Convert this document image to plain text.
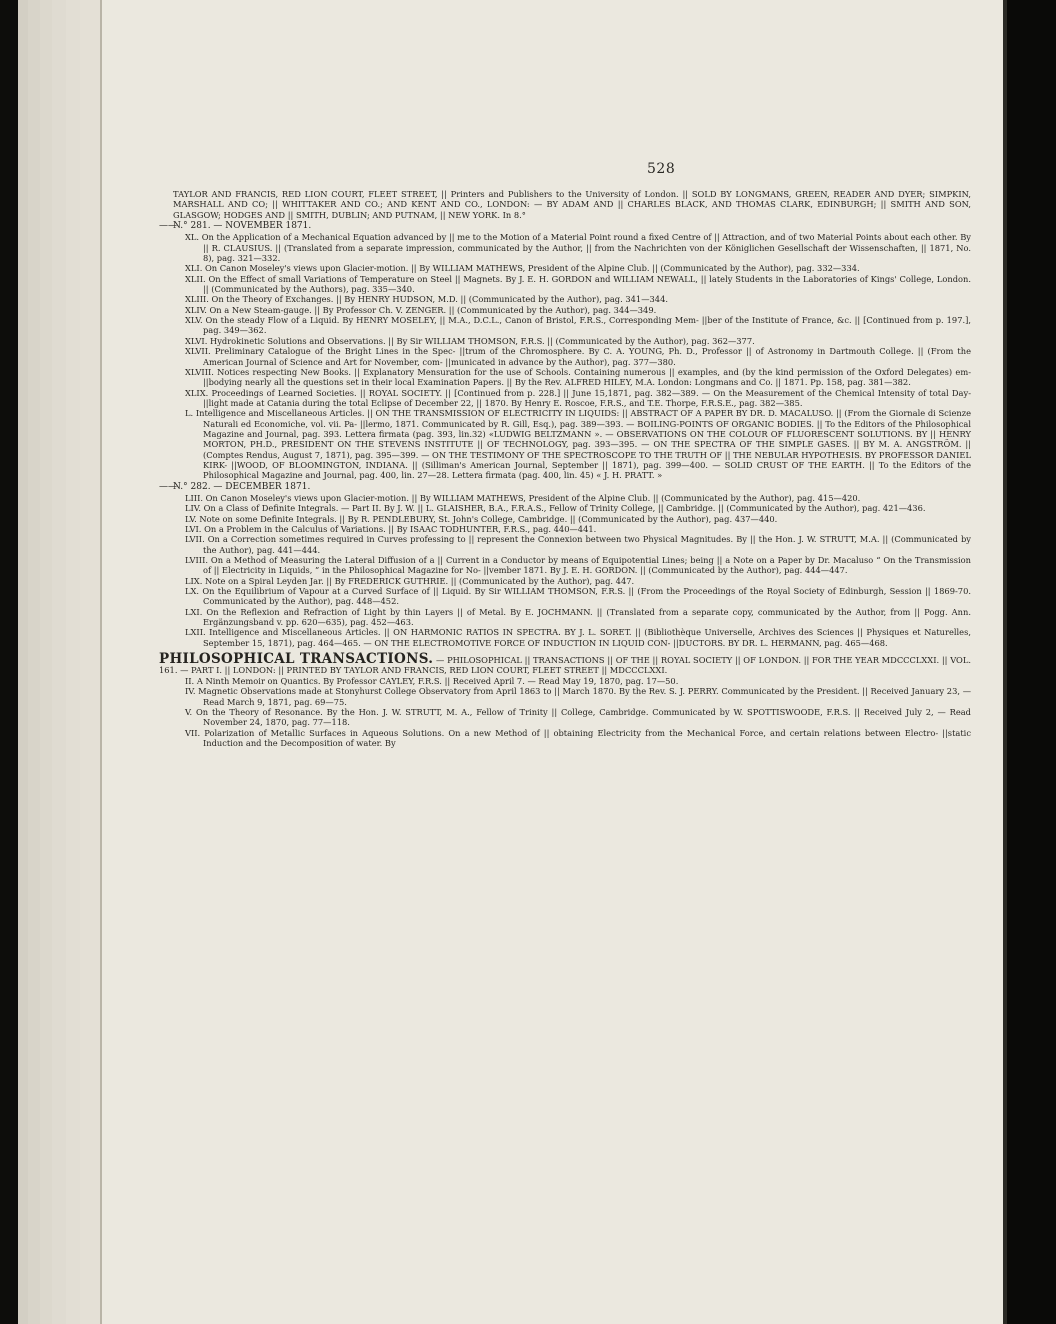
528

TAYLOR AND FRANCIS, RED LION COURT, FLEET STREET, || Printers and Publishers to the University of London. || SOLD BY LONGMANS, GREEN, READER AND DYER; SIMPKIN, MARSHALL AND CO; || WHITTAKER AND CO.; AND KENT AND CO., LONDON: — BY ADAM AND || CHARLES BLACK, AND THOMAS CLARK, EDINBURGH; || SMITH AND SON, GLASGOW; HODGES AND || SMITH, DUBLIN; AND PUTNAM, || NEW YORK. In 8.°

——N.° 281. — NOVEMBER 1871.

XL. On the Application of a Mechanical Equation advanced by || me to the Motion of a Material Point round a fixed Centre of || Attraction, and of two Material Points about each other. By || R. CLAUSIUS. || (Translated from a separate impression, communicated by the Author, || from the Nachrichten von der Königlichen Gesellschaft der Wissenschaften, || 1871, No. 8), pag. 321—332.

XLI. On Canon Moseley's views upon Glacier-motion. || By WILLIAM MATHEWS, President of the Alpine Club. || (Communicated by the Author), pag. 332—334.

XLII. On the Effect of small Variations of Temperature on Steel || Magnets. By J. E. H. GORDON and WILLIAM NEWALL, || lately Students in the Laboratories of Kings' College, London. || (Communicated by the Authors), pag. 335—340.

XLIII. On the Theory of Exchanges. || By HENRY HUDSON, M.D. || (Communicated by the Author), pag. 341—344.

XLIV. On a New Steam-gauge. || By Professor Ch. V. ZENGER. || (Communicated by the Author), pag. 344—349.

XLV. On the steady Flow of a Liquid. By HENRY MOSELEY, || M.A., D.C.L., Canon of Bristol, F.R.S., Corresponding Mem- ||ber of the Institute of France, &c. || [Continued from p. 197.], pag. 349—362.

XLVI. Hydrokinetic Solutions and Observations. || By Sir WILLIAM THOMSON, F.R.S. || (Communicated by the Author), pag. 362—377.

XLVII. Preliminary Catalogue of the Bright Lines in the Spec- ||trum of the Chromosphere. By C. A. YOUNG, Ph. D., Professor || of Astronomy in Dartmouth College. || (From the American Journal of Science and Art for November, com- ||municated in advance by the Author), pag. 377—380.

XLVIII. Notices respecting New Books. || Explanatory Mensuration for the use of Schools. Containing numerous || examples, and (by the kind permission of the Oxford Delegates) em- ||bodying nearly all the questions set in their local Examination Papers. || By the Rev. ALFRED HILEY, M.A. London: Longmans and Co. || 1871. Pp. 158, pag. 381—382.

XLIX. Proceedings of Learned Societies. || ROYAL SOCIETY. || [Continued from p. 228.] || June 15,1871, pag. 382—389. — On the Measurement of the Chemical Intensity of total Day- ||light made at Catania during the total Eclipse of December 22, || 1870. By Henry E. Roscoe, F.R.S., and T.E. Thorpe, F.R.S.E., pag. 382—385.

L. Intelligence and Miscellaneous Articles. || ON THE TRANSMISSION OF ELECTRICITY IN LIQUIDS: || ABSTRACT OF A PAPER BY DR. D. MACALUSO. || (From the Giornale di Scienze Naturali ed Economiche, vol. vii. Pa- ||lermo, 1871. Communicated by R. Gill, Esq.), pag. 389—393. — BOILING-POINTS OF ORGANIC BODIES. || To the Editors of the Philosophical Magazine and Journal, pag. 393. Lettera firmata (pag. 393, lin.32) «LUDWIG BELTZMANN ». — OBSERVATIONS ON THE COLOUR OF FLUORESCENT SOLUTIONS. BY || HENRY MORTON, PH.D., PRESIDENT ON THE STEVENS INSTITUTE || OF TECHNOLOGY, pag. 393—395. — ON THE SPECTRA OF THE SIMPLE GASES. || BY M. A. ANGSTRÖM. || (Comptes Rendus, August 7, 1871), pag. 395—399. — ON THE TESTIMONY OF THE SPECTROSCOPE TO THE TRUTH OF || THE NEBULAR HYPOTHESIS. BY PROFESSOR DANIEL KIRK- ||WOOD, OF BLOOMINGTON, INDIANA. || (Silliman's American Journal, September || 1871), pag. 399—400. — SOLID CRUST OF THE EARTH. || To the Editors of the Philosophical Magazine and Journal, pag. 400, lin. 27—28. Lettera firmata (pag. 400, lin. 45) « J. H. PRATT. »

——N.° 282. — DECEMBER 1871.

LIII. On Canon Moseley's views upon Glacier-motion. || By WILLIAM MATHEWS, President of the Alpine Club. || (Communicated by the Author), pag. 415—420.

LIV. On a Class of Definite Integrals. — Part II. By J. W. || L. GLAISHER, B.A., F.R.A.S., Fellow of Trinity College, || Cambridge. || (Communicated by the Author), pag. 421—436.

LV. Note on some Definite Integrals. || By R. PENDLEBURY, St. John's College, Cambridge. || (Communicated by the Author), pag. 437—440.

LVI. On a Problem in the Calculus of Variations. || By ISAAC TODHUNTER, F.R.S., pag. 440—441.

LVII. On a Correction sometimes required in Curves professing to || represent the Connexion between two Physical Magnitudes. By || the Hon. J. W. STRUTT, M.A. || (Communicated by the Author), pag. 441—444.

LVIII. On a Method of Measuring the Lateral Diffusion of a || Current in a Conductor by means of Equipotential Lines; being || a Note on a Paper by Dr. Macaluso “ On the Transmission of || Electricity in Liquids, ” in the Philosophical Magazine for No- ||vember 1871. By J. E. H. GORDON. || (Communicated by the Author), pag. 444—447.

LIX. Note on a Spiral Leyden Jar. || By FREDERICK GUTHRIE. || (Communicated by the Author), pag. 447.

LX. On the Equilibrium of Vapour at a Curved Surface of || Liquid. By Sir WILLIAM THOMSON, F.R.S. || (From the Proceedings of the Royal Society of Edinburgh, Session || 1869-70. Communicated by the Author), pag. 448—452.

LXI. On the Reflexion and Refraction of Light by thin Layers || of Metal. By E. JOCHMANN. || (Translated from a separate copy, communicated by the Author, from || Pogg. Ann. Ergänzungsband v. pp. 620—635), pag. 452—463.

LXII. Intelligence and Miscellaneous Articles. || ON HARMONIC RATIOS IN SPECTRA. BY J. L. SORET. || (Bibliothèque Universelle, Archives des Sciences || Physiques et Naturelles, September 15, 1871), pag. 464—465. — ON THE ELECTROMOTIVE FORCE OF INDUCTION IN LIQUID CON- ||DUCTORS. BY DR. L. HERMANN, pag. 465—468.

PHILOSOPHICAL TRANSACTIONS. — PHILOSOPHICAL || TRANSACTIONS || OF THE || ROYAL SOCIETY || OF LONDON. || FOR THE YEAR MDCCCLXXI. || VOL. 161. — PART I. || LONDON: || PRINTED BY TAYLOR AND FRANCIS, RED LION COURT, FLEET STREET || MDCCCLXXI.

II. A Ninth Memoir on Quantics. By Professor CAYLEY, F.R.S. || Received April 7. — Read May 19, 1870, pag. 17—50.

IV. Magnetic Observations made at Stonyhurst College Observatory from April 1863 to || March 1870. By the Rev. S. J. PERRY. Communicated by the President. || Received January 23, — Read March 9, 1871, pag. 69—75.

V. On the Theory of Resonance. By the Hon. J. W. STRUTT, M. A., Fellow of Trinity || College, Cambridge. Communicated by W. SPOTTISWOODE, F.R.S. || Received July 2, — Read November 24, 1870, pag. 77—118.

VII. Polarization of Metallic Surfaces in Aqueous Solutions. On a new Method of || obtaining Electricity from the Mechanical Force, and certain relations between Electro- ||static Induction and the Decomposition of water. By
